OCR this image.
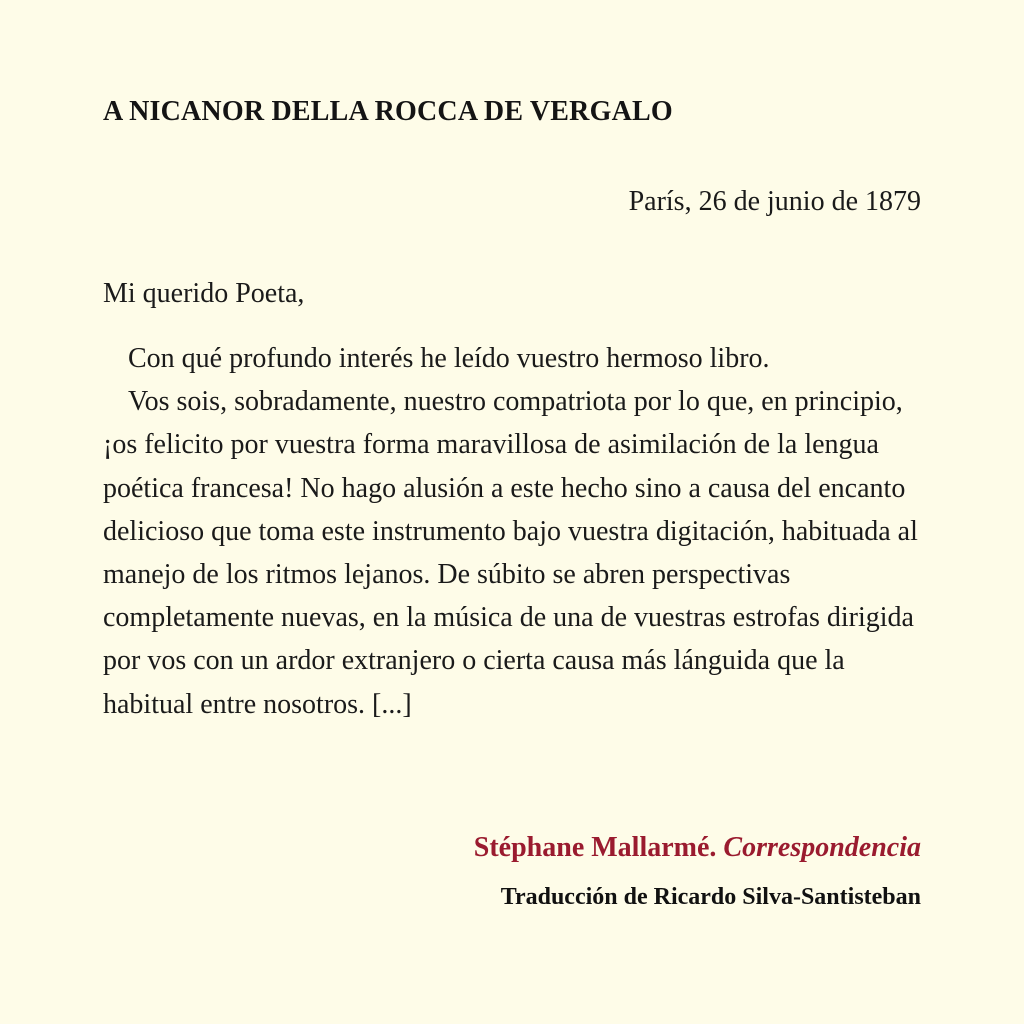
A NICANOR DELLA ROCCA DE VERGALO
París, 26 de junio de 1879
Mi querido Poeta,

Con qué profundo interés he leído vuestro hermoso libro.

Vos sois, sobradamente, nuestro compatriota por lo que, en principio, ¡os felicito por vuestra forma maravillosa de asimilación de la lengua poética francesa! No hago alusión a este hecho sino a causa del encanto delicioso que toma este instrumento bajo vuestra digitación, habituada al manejo de los ritmos lejanos. De súbito se abren perspectivas completamente nuevas, en la música de una de vuestras estrofas dirigida por vos con un ardor extranjero o cierta causa más lánguida que la habitual entre nosotros. [...]

Stéphane Mallarmé. Correspondencia
Traducción de Ricardo Silva-Santisteban
